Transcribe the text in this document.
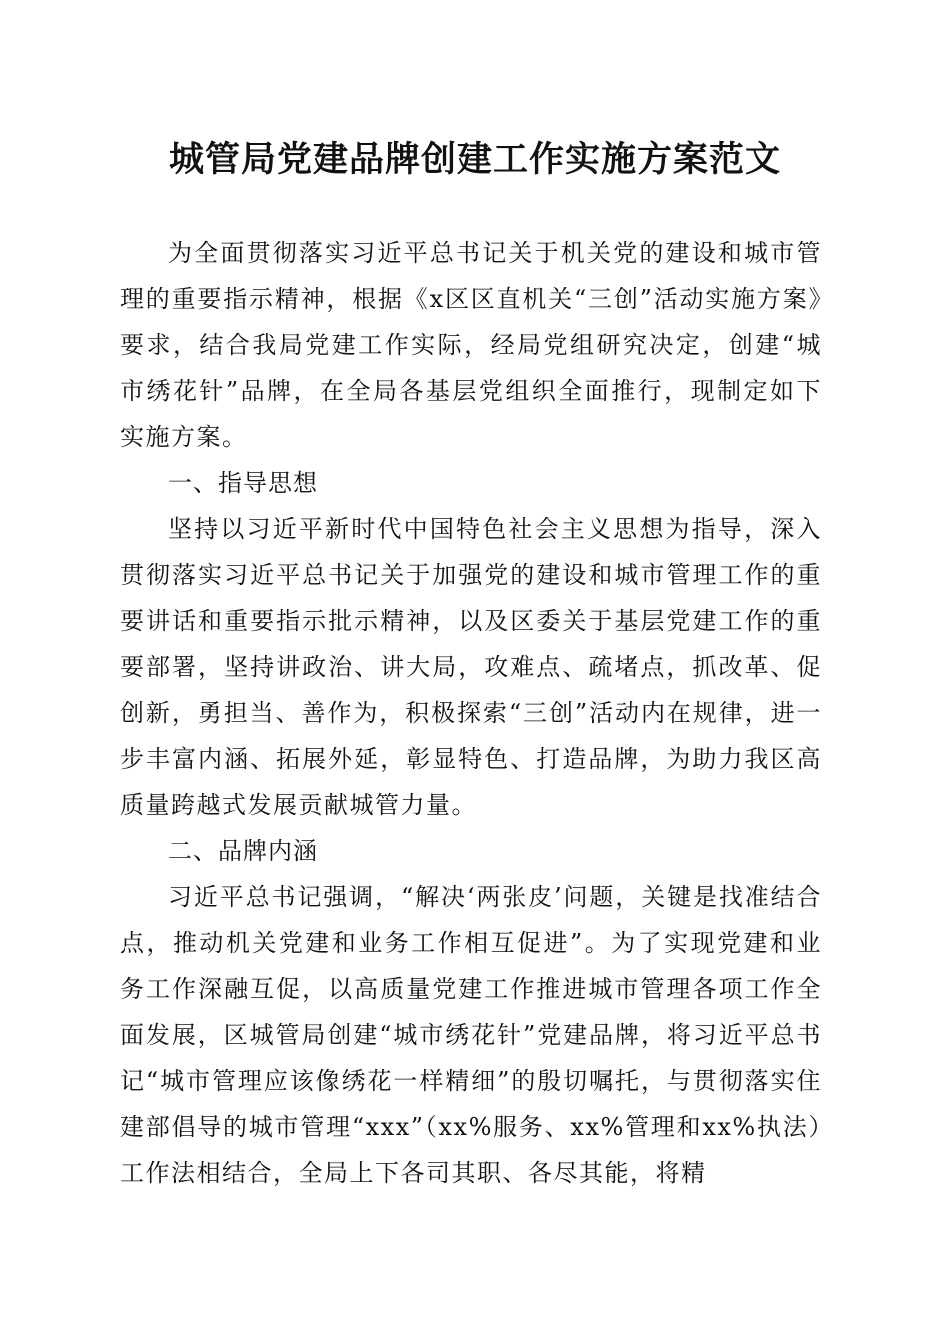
城管局党建品牌创建工作实施方案范文

为全面贯彻落实习近平总书记关于机关党的建设和城市管理的重要指示精神，根据《x区区直机关“三创”活动实施方案》要求，结合我局党建工作实际，经局党组研究决定，创建“城市绣花针”品牌，在全局各基层党组织全面推行，现制定如下实施方案。

一、指导思想

坚持以习近平新时代中国特色社会主义思想为指导，深入贯彻落实习近平总书记关于加强党的建设和城市管理工作的重要讲话和重要指示批示精神，以及区委关于基层党建工作的重要部署，坚持讲政治、讲大局，攻难点、疏堵点，抓改革、促创新，勇担当、善作为，积极探索“三创”活动内在规律，进一步丰富内涵、拓展外延，彰显特色、打造品牌，为助力我区高质量跨越式发展贡献城管力量。

二、品牌内涵

习近平总书记强调，“解决‘两张皮’问题，关键是找准结合点，推动机关党建和业务工作相互促进”。为了实现党建和业务工作深融互促，以高质量党建工作推进城市管理各项工作全面发展，区城管局创建“城市绣花针”党建品牌，将习近平总书记“城市管理应该像绣花一样精细”的殷切嘱托，与贯彻落实住建部倡导的城市管理“xxx”（xx%服务、xx%管理和xx%执法）工作法相结合，全局上下各司其职、各尽其能，将精
